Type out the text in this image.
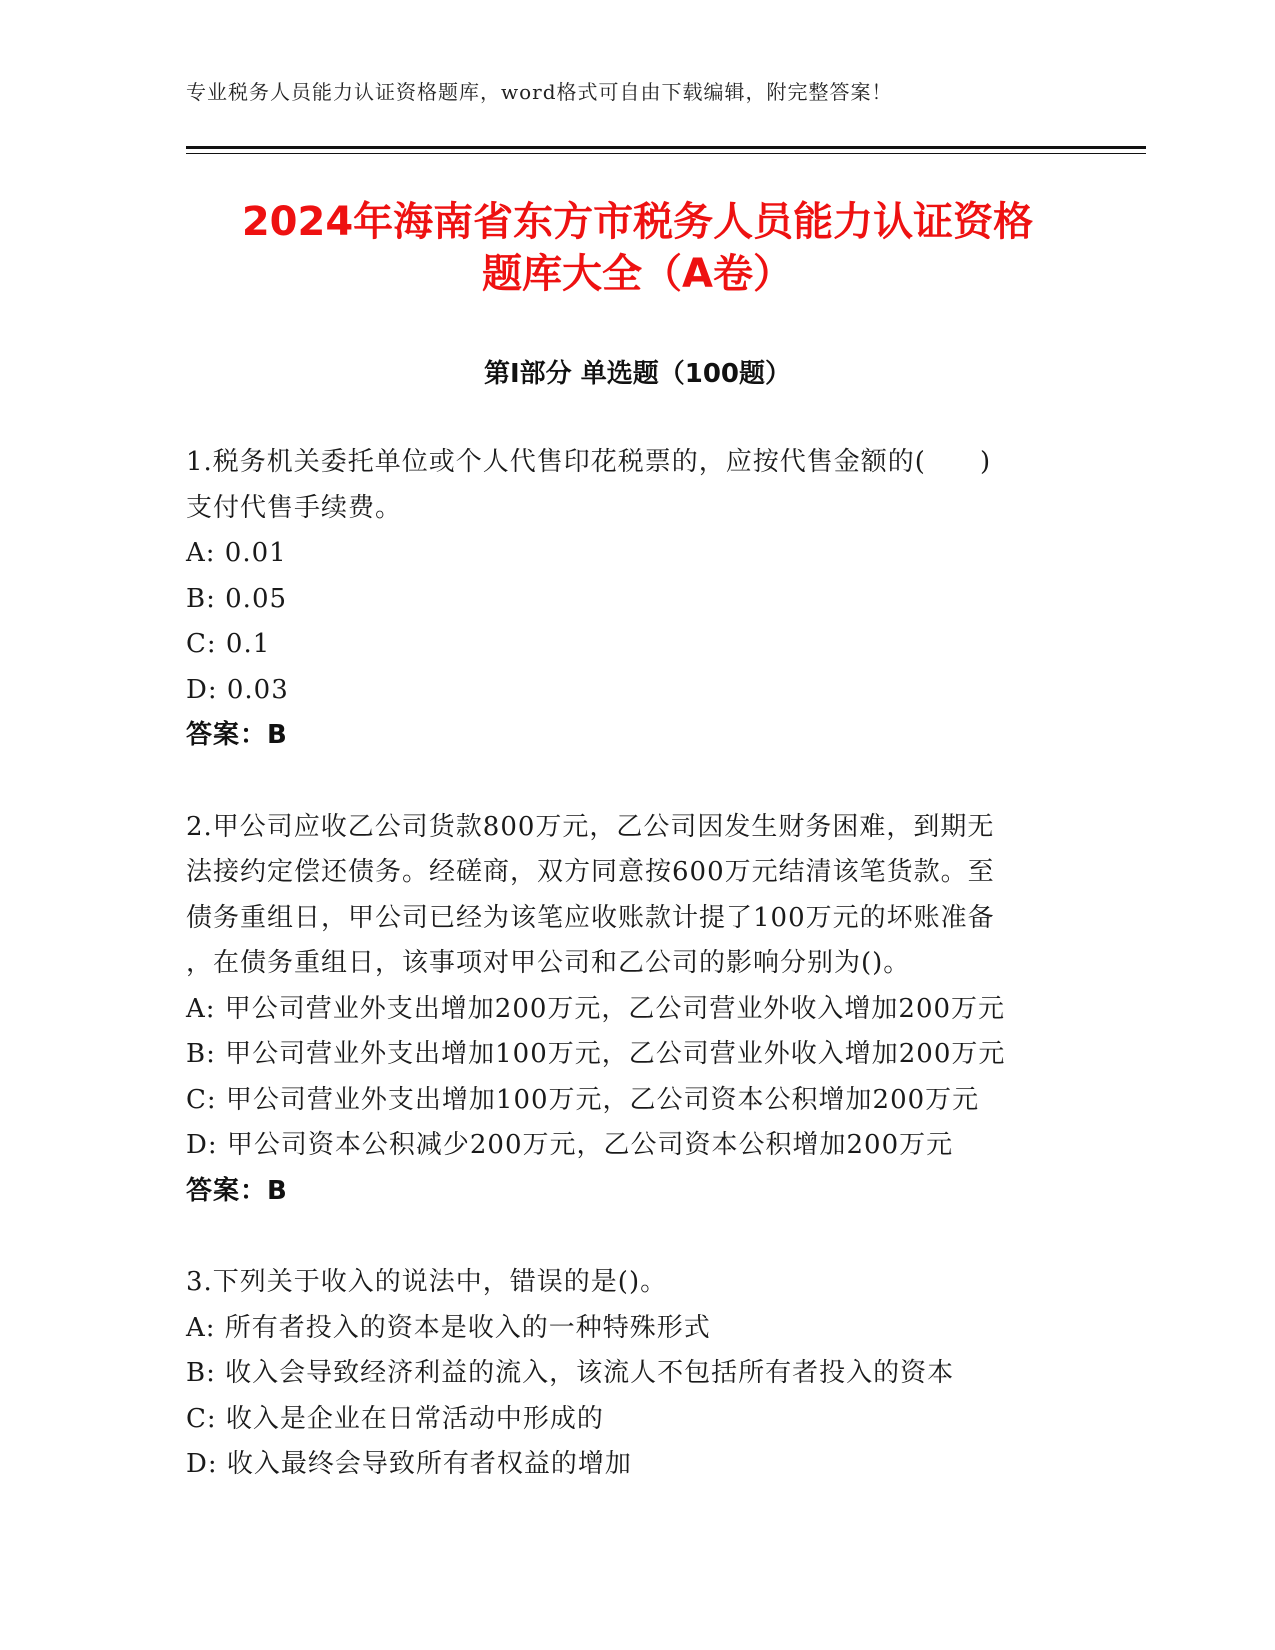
专业税务人员能力认证资格题库，word格式可自由下载编辑，附完整答案！
2024年海南省东方市税务人员能力认证资格
题库大全（A卷）
第Ⅰ部分 单选题（100题）
1.税务机关委托单位或个人代售印花税票的，应按代售金额的(　　)
支付代售手续费。
A: 0.01
B: 0.05
C: 0.1
D: 0.03
答案：B
2.甲公司应收乙公司货款800万元，乙公司因发生财务困难，到期无
法接约定偿还债务。经磋商，双方同意按600万元结清该笔货款。至
债务重组日，甲公司已经为该笔应收账款计提了100万元的坏账准备
，在债务重组日，该事项对甲公司和乙公司的影响分别为()。
A: 甲公司营业外支出增加200万元，乙公司营业外收入增加200万元
B: 甲公司营业外支出增加100万元，乙公司营业外收入增加200万元
C: 甲公司营业外支出增加100万元，乙公司资本公积增加200万元
D: 甲公司资本公积减少200万元，乙公司资本公积增加200万元
答案：B
3.下列关于收入的说法中，错误的是()。
A: 所有者投入的资本是收入的一种特殊形式
B: 收入会导致经济利益的流入，该流人不包括所有者投入的资本
C: 收入是企业在日常活动中形成的
D: 收入最终会导致所有者权益的增加
